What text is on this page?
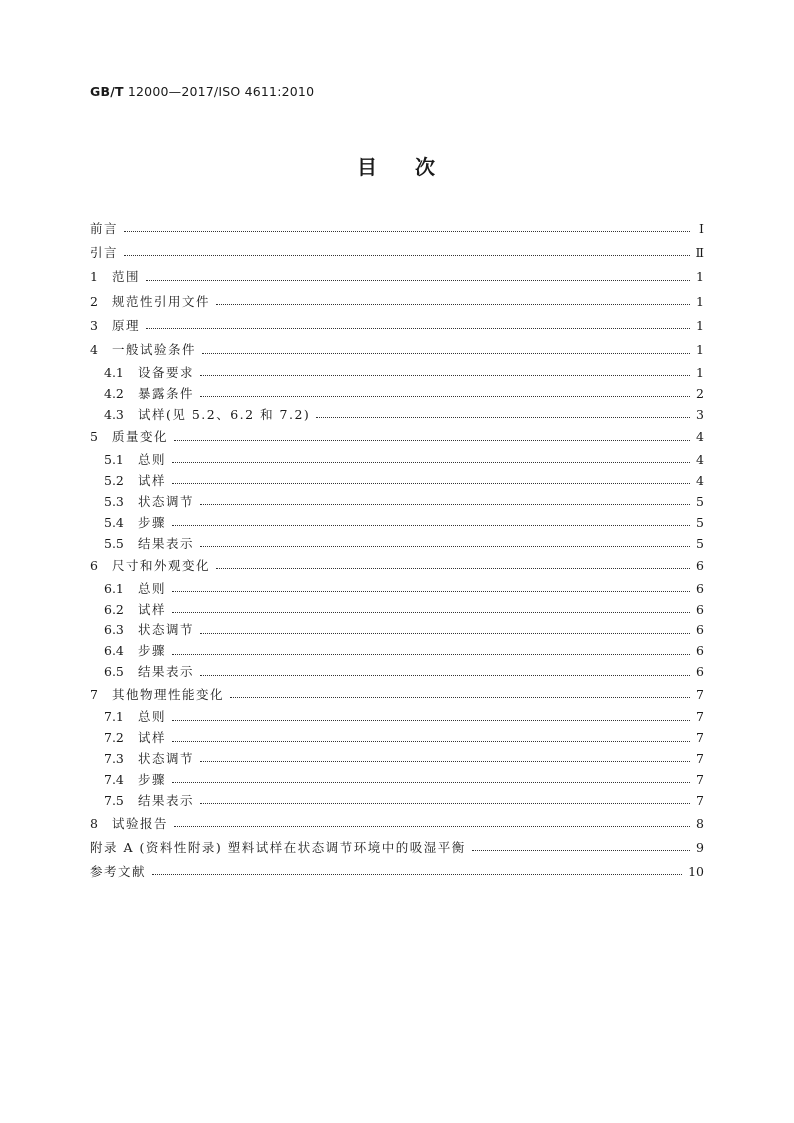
GB/T 12000—2017/ISO 4611:2010
目 次
前言	Ⅰ
引言	Ⅱ
1	范围	1
2	规范性引用文件	1
3	原理	1
4	一般试验条件	1
4.1	设备要求	1
4.2	暴露条件	2
4.3	试样(见 5.2、6.2 和 7.2)	3
5	质量变化	4
5.1	总则	4
5.2	试样	4
5.3	状态调节	5
5.4	步骤	5
5.5	结果表示	5
6	尺寸和外观变化	6
6.1	总则	6
6.2	试样	6
6.3	状态调节	6
6.4	步骤	6
6.5	结果表示	6
7	其他物理性能变化	7
7.1	总则	7
7.2	试样	7
7.3	状态调节	7
7.4	步骤	7
7.5	结果表示	7
8	试验报告	8
附录 A (资料性附录) 塑料试样在状态调节环境中的吸湿平衡	9
参考文献	10
